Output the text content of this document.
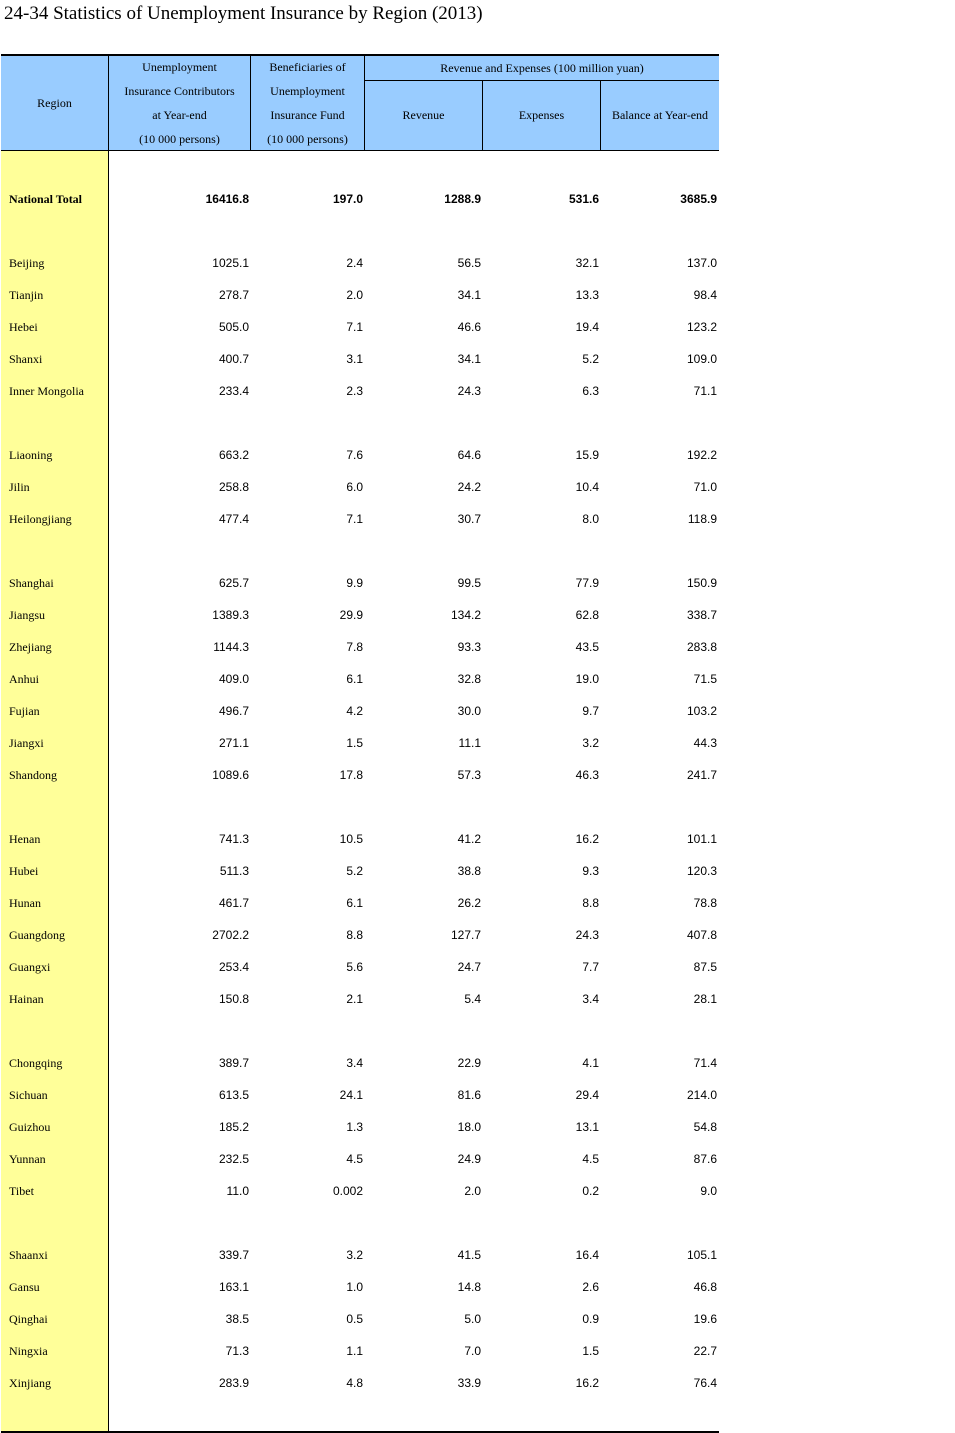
24-34 Statistics of Unemployment Insurance by Region (2013)
Region
Unemployment
Insurance Contributors
at Year-end
(10 000 persons)
Beneficiaries of
Unemployment
Insurance Fund
(10 000 persons)
Revenue and Expenses (100 million yuan)
Revenue	Expenses	Balance at Year-end
National Total	16416.8	197.0	1288.9	531.6	3685.9
Beijing	1025.1	2.4	56.5	32.1	137.0
Tianjin	278.7	2.0	34.1	13.3	98.4
Hebei	505.0	7.1	46.6	19.4	123.2
Shanxi	400.7	3.1	34.1	5.2	109.0
Inner Mongolia	233.4	2.3	24.3	6.3	71.1
Liaoning	663.2	7.6	64.6	15.9	192.2
Jilin	258.8	6.0	24.2	10.4	71.0
Heilongjiang	477.4	7.1	30.7	8.0	118.9
Shanghai	625.7	9.9	99.5	77.9	150.9
Jiangsu	1389.3	29.9	134.2	62.8	338.7
Zhejiang	1144.3	7.8	93.3	43.5	283.8
Anhui	409.0	6.1	32.8	19.0	71.5
Fujian	496.7	4.2	30.0	9.7	103.2
Jiangxi	271.1	1.5	11.1	3.2	44.3
Shandong	1089.6	17.8	57.3	46.3	241.7
Henan	741.3	10.5	41.2	16.2	101.1
Hubei	511.3	5.2	38.8	9.3	120.3
Hunan	461.7	6.1	26.2	8.8	78.8
Guangdong	2702.2	8.8	127.7	24.3	407.8
Guangxi	253.4	5.6	24.7	7.7	87.5
Hainan	150.8	2.1	5.4	3.4	28.1
Chongqing	389.7	3.4	22.9	4.1	71.4
Sichuan	613.5	24.1	81.6	29.4	214.0
Guizhou	185.2	1.3	18.0	13.1	54.8
Yunnan	232.5	4.5	24.9	4.5	87.6
Tibet	11.0	0.002	2.0	0.2	9.0
Shaanxi	339.7	3.2	41.5	16.4	105.1
Gansu	163.1	1.0	14.8	2.6	46.8
Qinghai	38.5	0.5	5.0	0.9	19.6
Ningxia	71.3	1.1	7.0	1.5	22.7
Xinjiang	283.9	4.8	33.9	16.2	76.4
